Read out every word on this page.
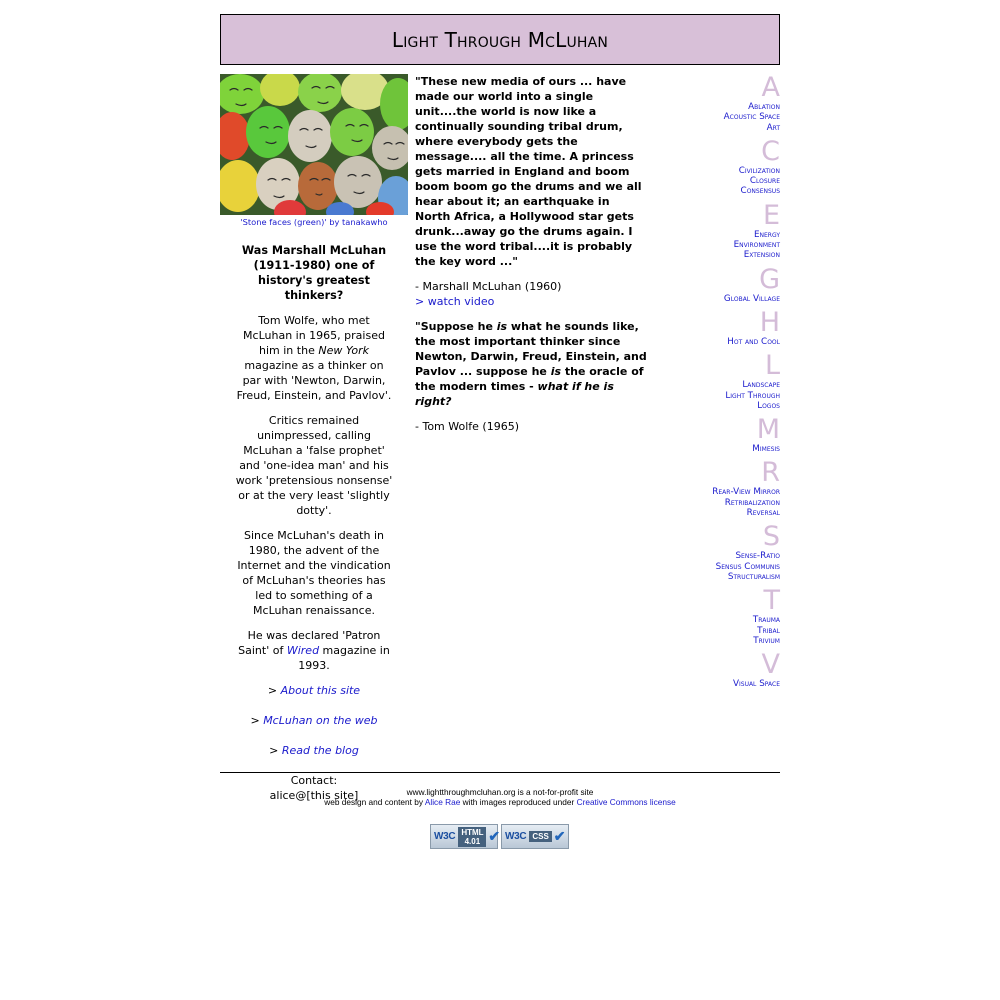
Light Through McLuhan
'Stone faces (green)' by tanakawho

Was Marshall McLuhan (1911-1980) one of history's greatest thinkers?

Tom Wolfe, who met McLuhan in 1965, praised him in the New York magazine as a thinker on par with 'Newton, Darwin, Freud, Einstein, and Pavlov'.

Critics remained unimpressed, calling McLuhan a 'false prophet' and 'one-idea man' and his work 'pretensious nonsense' or at the very least 'slightly dotty'.

Since McLuhan's death in 1980, the advent of the Internet and the vindication of McLuhan's theories has led to something of a McLuhan renaissance.

He was declared 'Patron Saint' of Wired magazine in 1993.

> About this site

> McLuhan on the web

> Read the blog

Contact:
alice@[this site]

"These new media of ours ... have made our world into a single unit....the world is now like a continually sounding tribal drum, where everybody gets the message.... all the time. A princess gets married in England and boom boom boom go the drums and we all hear about it; an earthquake in North Africa, a Hollywood star gets drunk...away go the drums again. I use the word tribal....it is probably the key word ..."

- Marshall McLuhan (1960)
> watch video

"Suppose he is what he sounds like, the most important thinker since Newton, Darwin, Freud, Einstein, and Pavlov ... suppose he is the oracle of the modern times - what if he is right?

- Tom Wolfe (1965)

A
Ablation
Acoustic Space
Art
C
Civilization
Closure
Consensus
E
Energy
Environment
Extension
G
Global Village
H
Hot and Cool
L
Landscape
Light Through
Logos
M
Mimesis
R
Rear-View Mirror
Retribalization
Reversal
S
Sense-Ratio
Sensus Communis
Structuralism
T
Trauma
Tribal
Trivium
V
Visual Space
www.lightthroughmcluhan.org is a not-for-profit site
web design and content by Alice Rae with images reproduced under Creative Commons license
W3C HTML 4.01 ✔ W3C CSS ✔
